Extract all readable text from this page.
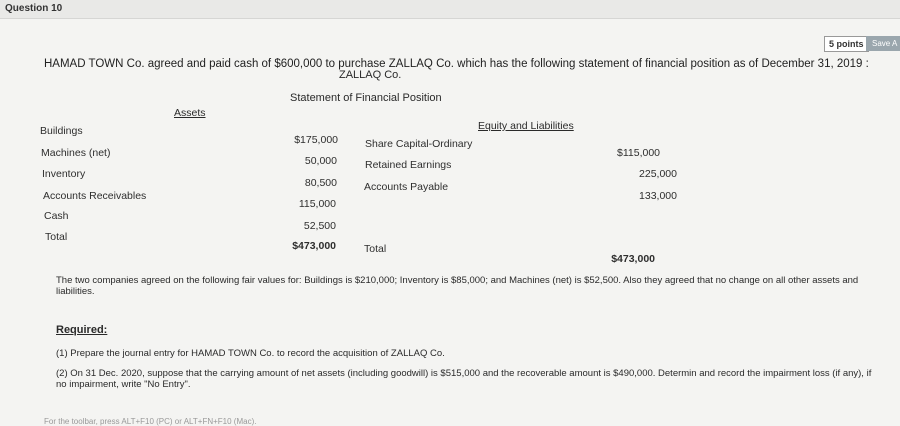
Question 10
5 points	Save A
HAMAD TOWN Co. agreed and paid cash of $600,000 to purchase ZALLAQ Co. which has the following statement of financial position as of December 31, 2019 :
ZALLAQ Co.
Statement of Financial Position
Assets
Equity and Liabilities
Buildings
Machines (net)
Inventory
Accounts Receivables
Cash
Total
$175,000
50,000
80,500
115,000
52,500
$473,000
Share Capital-Ordinary
Retained Earnings
Accounts Payable
Total
$115,000
225,000
133,000
$473,000
The two companies agreed on the following fair values for: Buildings is $210,000; Inventory is $85,000; and Machines (net) is $52,500. Also they agreed that no change on all other assets and liabilities.
Required:
(1) Prepare the journal entry for HAMAD TOWN Co. to record the acquisition of ZALLAQ Co.
(2) On 31 Dec. 2020, suppose that the carrying amount of net assets (including goodwill) is $515,000 and the recoverable amount is $490,000. Determin and record the impairment loss (if any), if no impairment, write "No Entry".
For the toolbar, press ALT+F10 (PC) or ALT+FN+F10 (Mac).
